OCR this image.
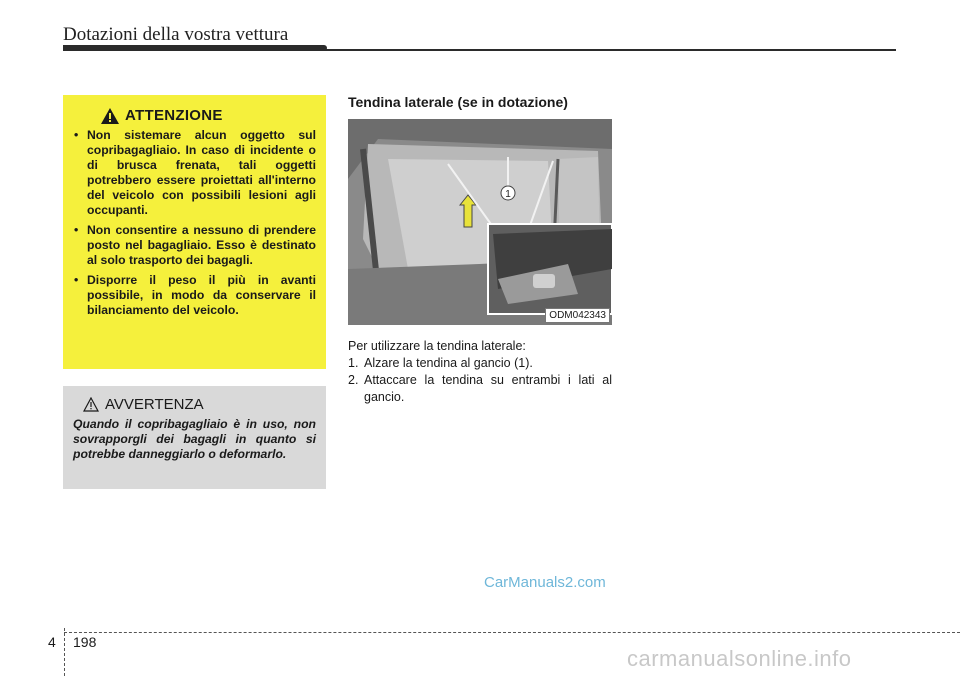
Dotazioni della vostra vettura
ATTENZIONE
• Non sistemare alcun oggetto sul copribagagliaio. In caso di incidente o di brusca frenata, tali oggetti potrebbero essere proiettati all'interno del veicolo con possibili lesioni agli occupanti.
• Non consentire a nessuno di prendere posto nel bagagliaio. Esso è destinato al solo trasporto dei bagagli.
• Disporre il peso il più in avanti possibile, in modo da conservare il bilanciamento del veicolo.
AVVERTENZA
Quando il copribagagliaio è in uso, non sovrapporgli dei bagagli in quanto si potrebbe danneggiarlo o deformarlo.
Tendina laterale (se in dotazione)
1
ODM042343

Per utilizzare la tendina laterale:

1. Alzare la tendina al gancio (1).

2. Attaccare la tendina su entrambi i lati al gancio.

CarManuals2.com
4 198
carmanualsonline.info
